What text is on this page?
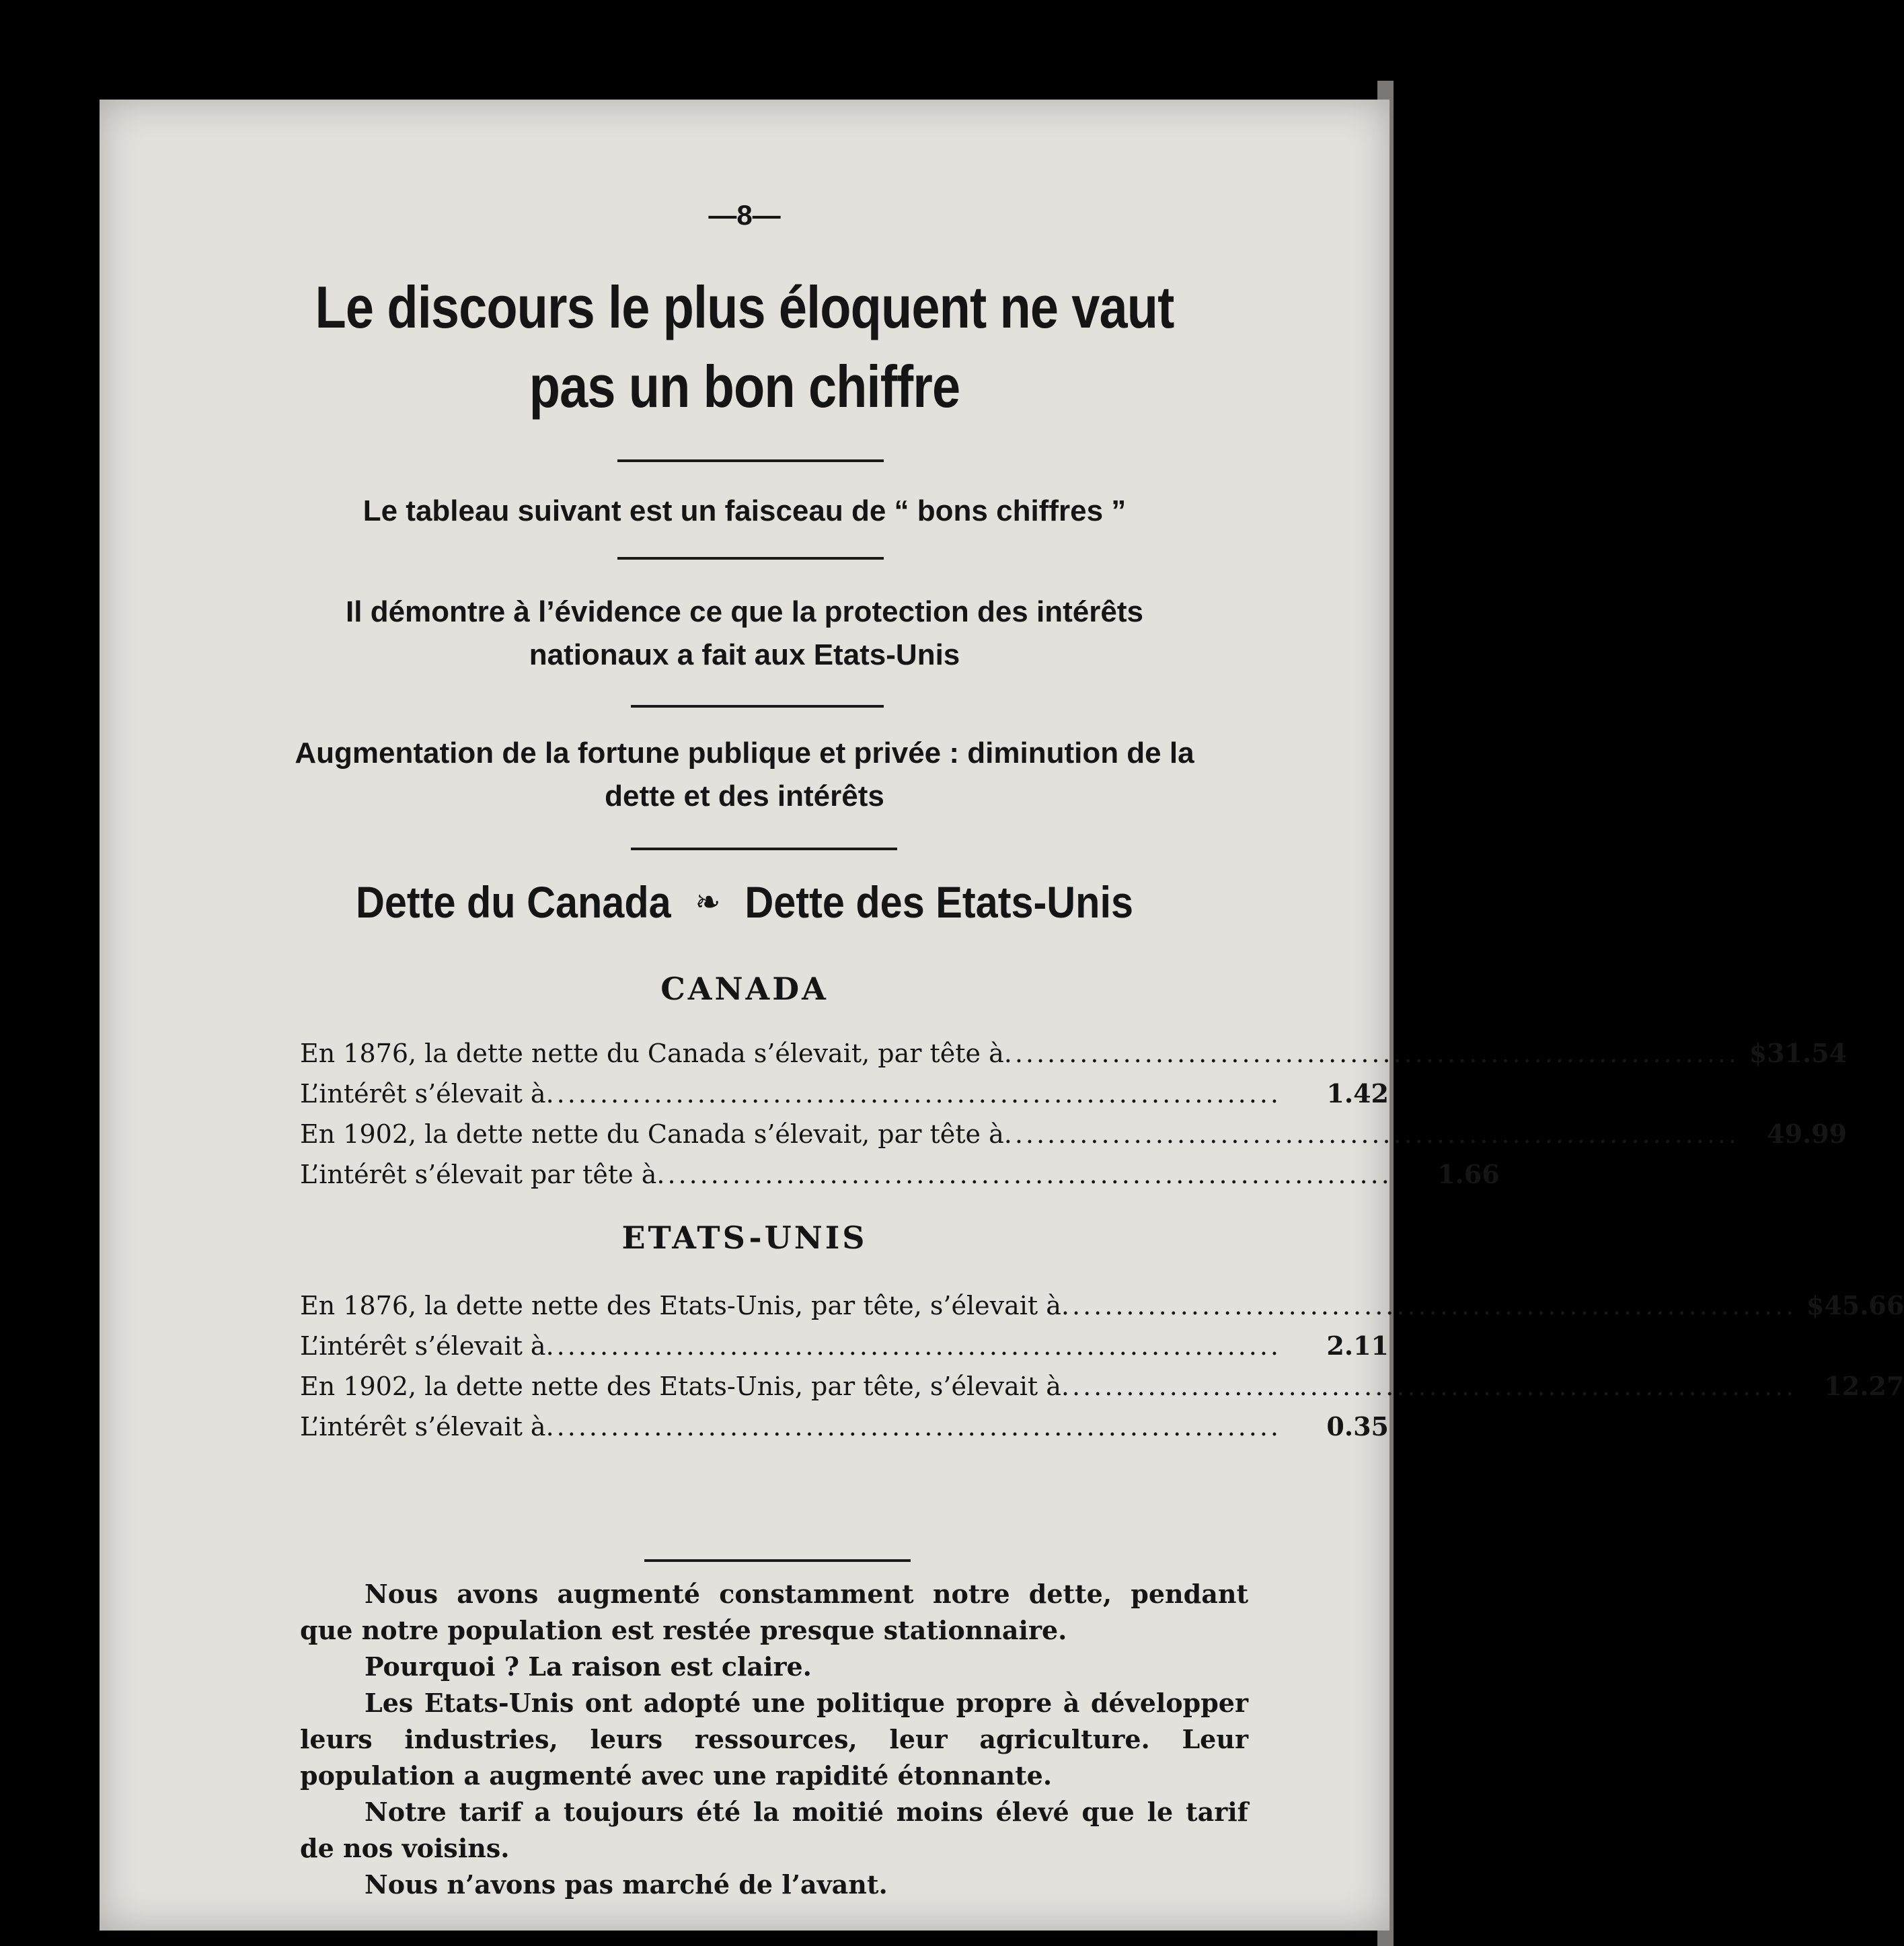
—8—
Le discours le plus éloquent ne vaut pas un bon chiffre
Le tableau suivant est un faisceau de “ bons chiffres ”
Il démontre à l’évidence ce que la protection des intérêts nationaux a fait aux Etats-Unis
Augmentation de la fortune publique et privée : diminution de la dette et des intérêts
Dette du Canada ❧ Dette des Etats-Unis
CANADA
En 1876, la dette nette du Canada s’élevait, par tête à .................................................................... $31.54
L’intérêt s’élevait à ....................................................................	1.42
En 1902, la dette nette du Canada s’élevait, par tête à ....................................................................	49.99
L’intérêt s’élevait par tête à ....................................................................	1.66
ETATS-UNIS
En 1876, la dette nette des Etats-Unis, par tête, s’élevait à .................................................................... $45.66
L’intérêt s’élevait à ....................................................................	2.11
En 1902, la dette nette des Etats-Unis, par tête, s’élevait à ....................................................................	12.27
L’intérêt s’élevait à ....................................................................	0.35

Nous avons augmenté constamment notre dette, pendant que notre population est restée presque stationnaire.

Pourquoi ? La raison est claire.

Les Etats-Unis ont adopté une politique propre à développer leurs industries, leurs ressources, leur agriculture. Leur population a augmenté avec une rapidité étonnante.

Notre tarif a toujours été la moitié moins élevé que le tarif de nos voisins.

Nous n’avons pas marché de l’avant.
